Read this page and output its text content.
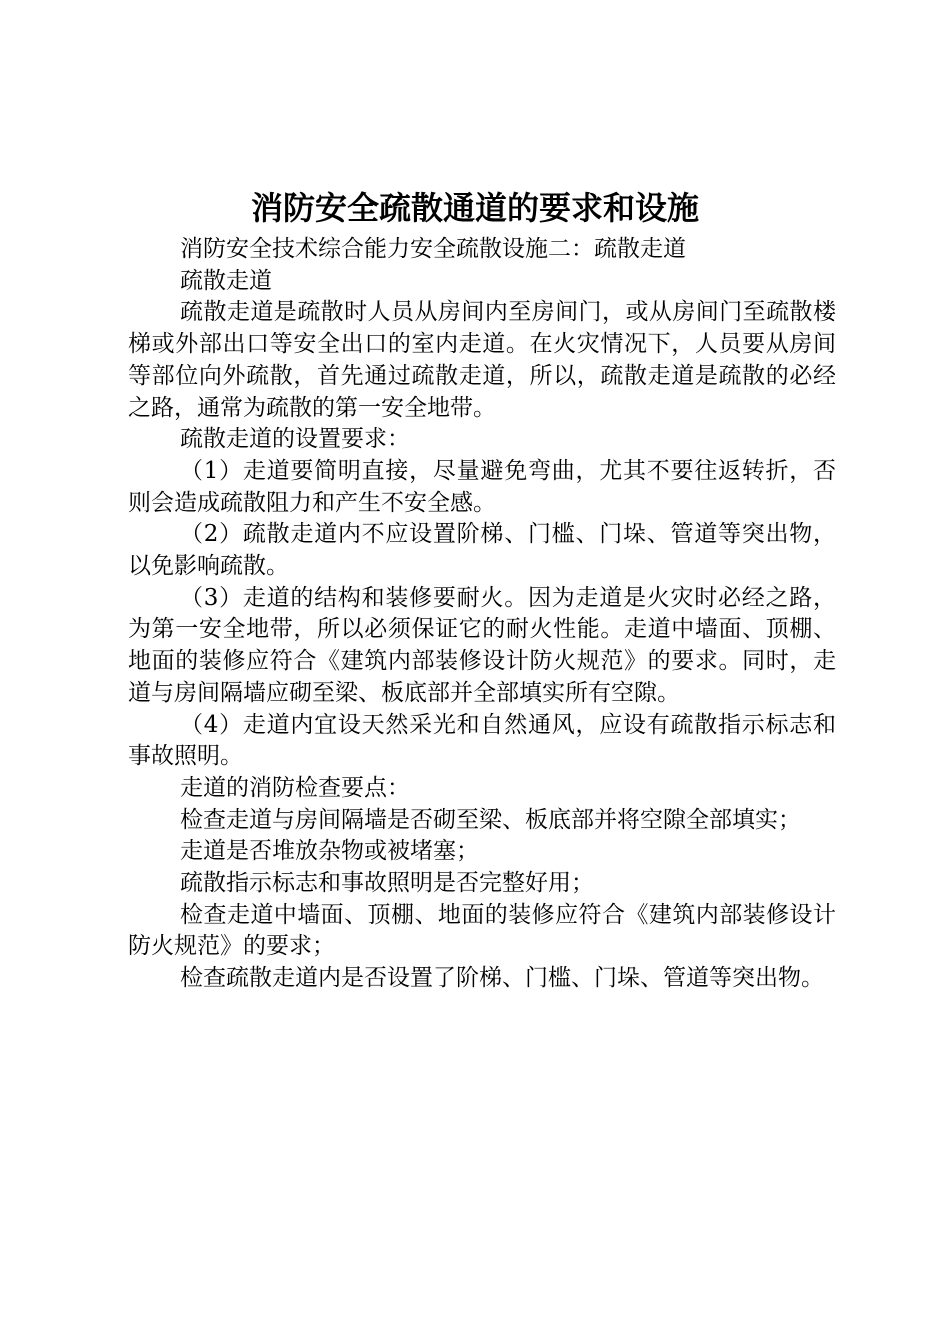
消防安全疏散通道的要求和设施

消防安全技术综合能力安全疏散设施二：疏散走道

疏散走道

疏散走道是疏散时人员从房间内至房间门，或从房间门至疏散楼梯或外部出口等安全出口的室内走道。在火灾情况下，人员要从房间等部位向外疏散，首先通过疏散走道，所以，疏散走道是疏散的必经之路，通常为疏散的第一安全地带。

疏散走道的设置要求：

（1）走道要简明直接，尽量避免弯曲，尤其不要往返转折，否则会造成疏散阻力和产生不安全感。

（2）疏散走道内不应设置阶梯、门槛、门垛、管道等突出物，以免影响疏散。

（3）走道的结构和装修要耐火。因为走道是火灾时必经之路，为第一安全地带，所以必须保证它的耐火性能。走道中墙面、顶棚、地面的装修应符合《建筑内部装修设计防火规范》的要求。同时，走道与房间隔墙应砌至梁、板底部并全部填实所有空隙。

（4）走道内宜设天然采光和自然通风，应设有疏散指示标志和事故照明。

走道的消防检查要点：

检查走道与房间隔墙是否砌至梁、板底部并将空隙全部填实；

走道是否堆放杂物或被堵塞；

疏散指示标志和事故照明是否完整好用；

检查走道中墙面、顶棚、地面的装修应符合《建筑内部装修设计防火规范》的要求；

检查疏散走道内是否设置了阶梯、门槛、门垛、管道等突出物。
